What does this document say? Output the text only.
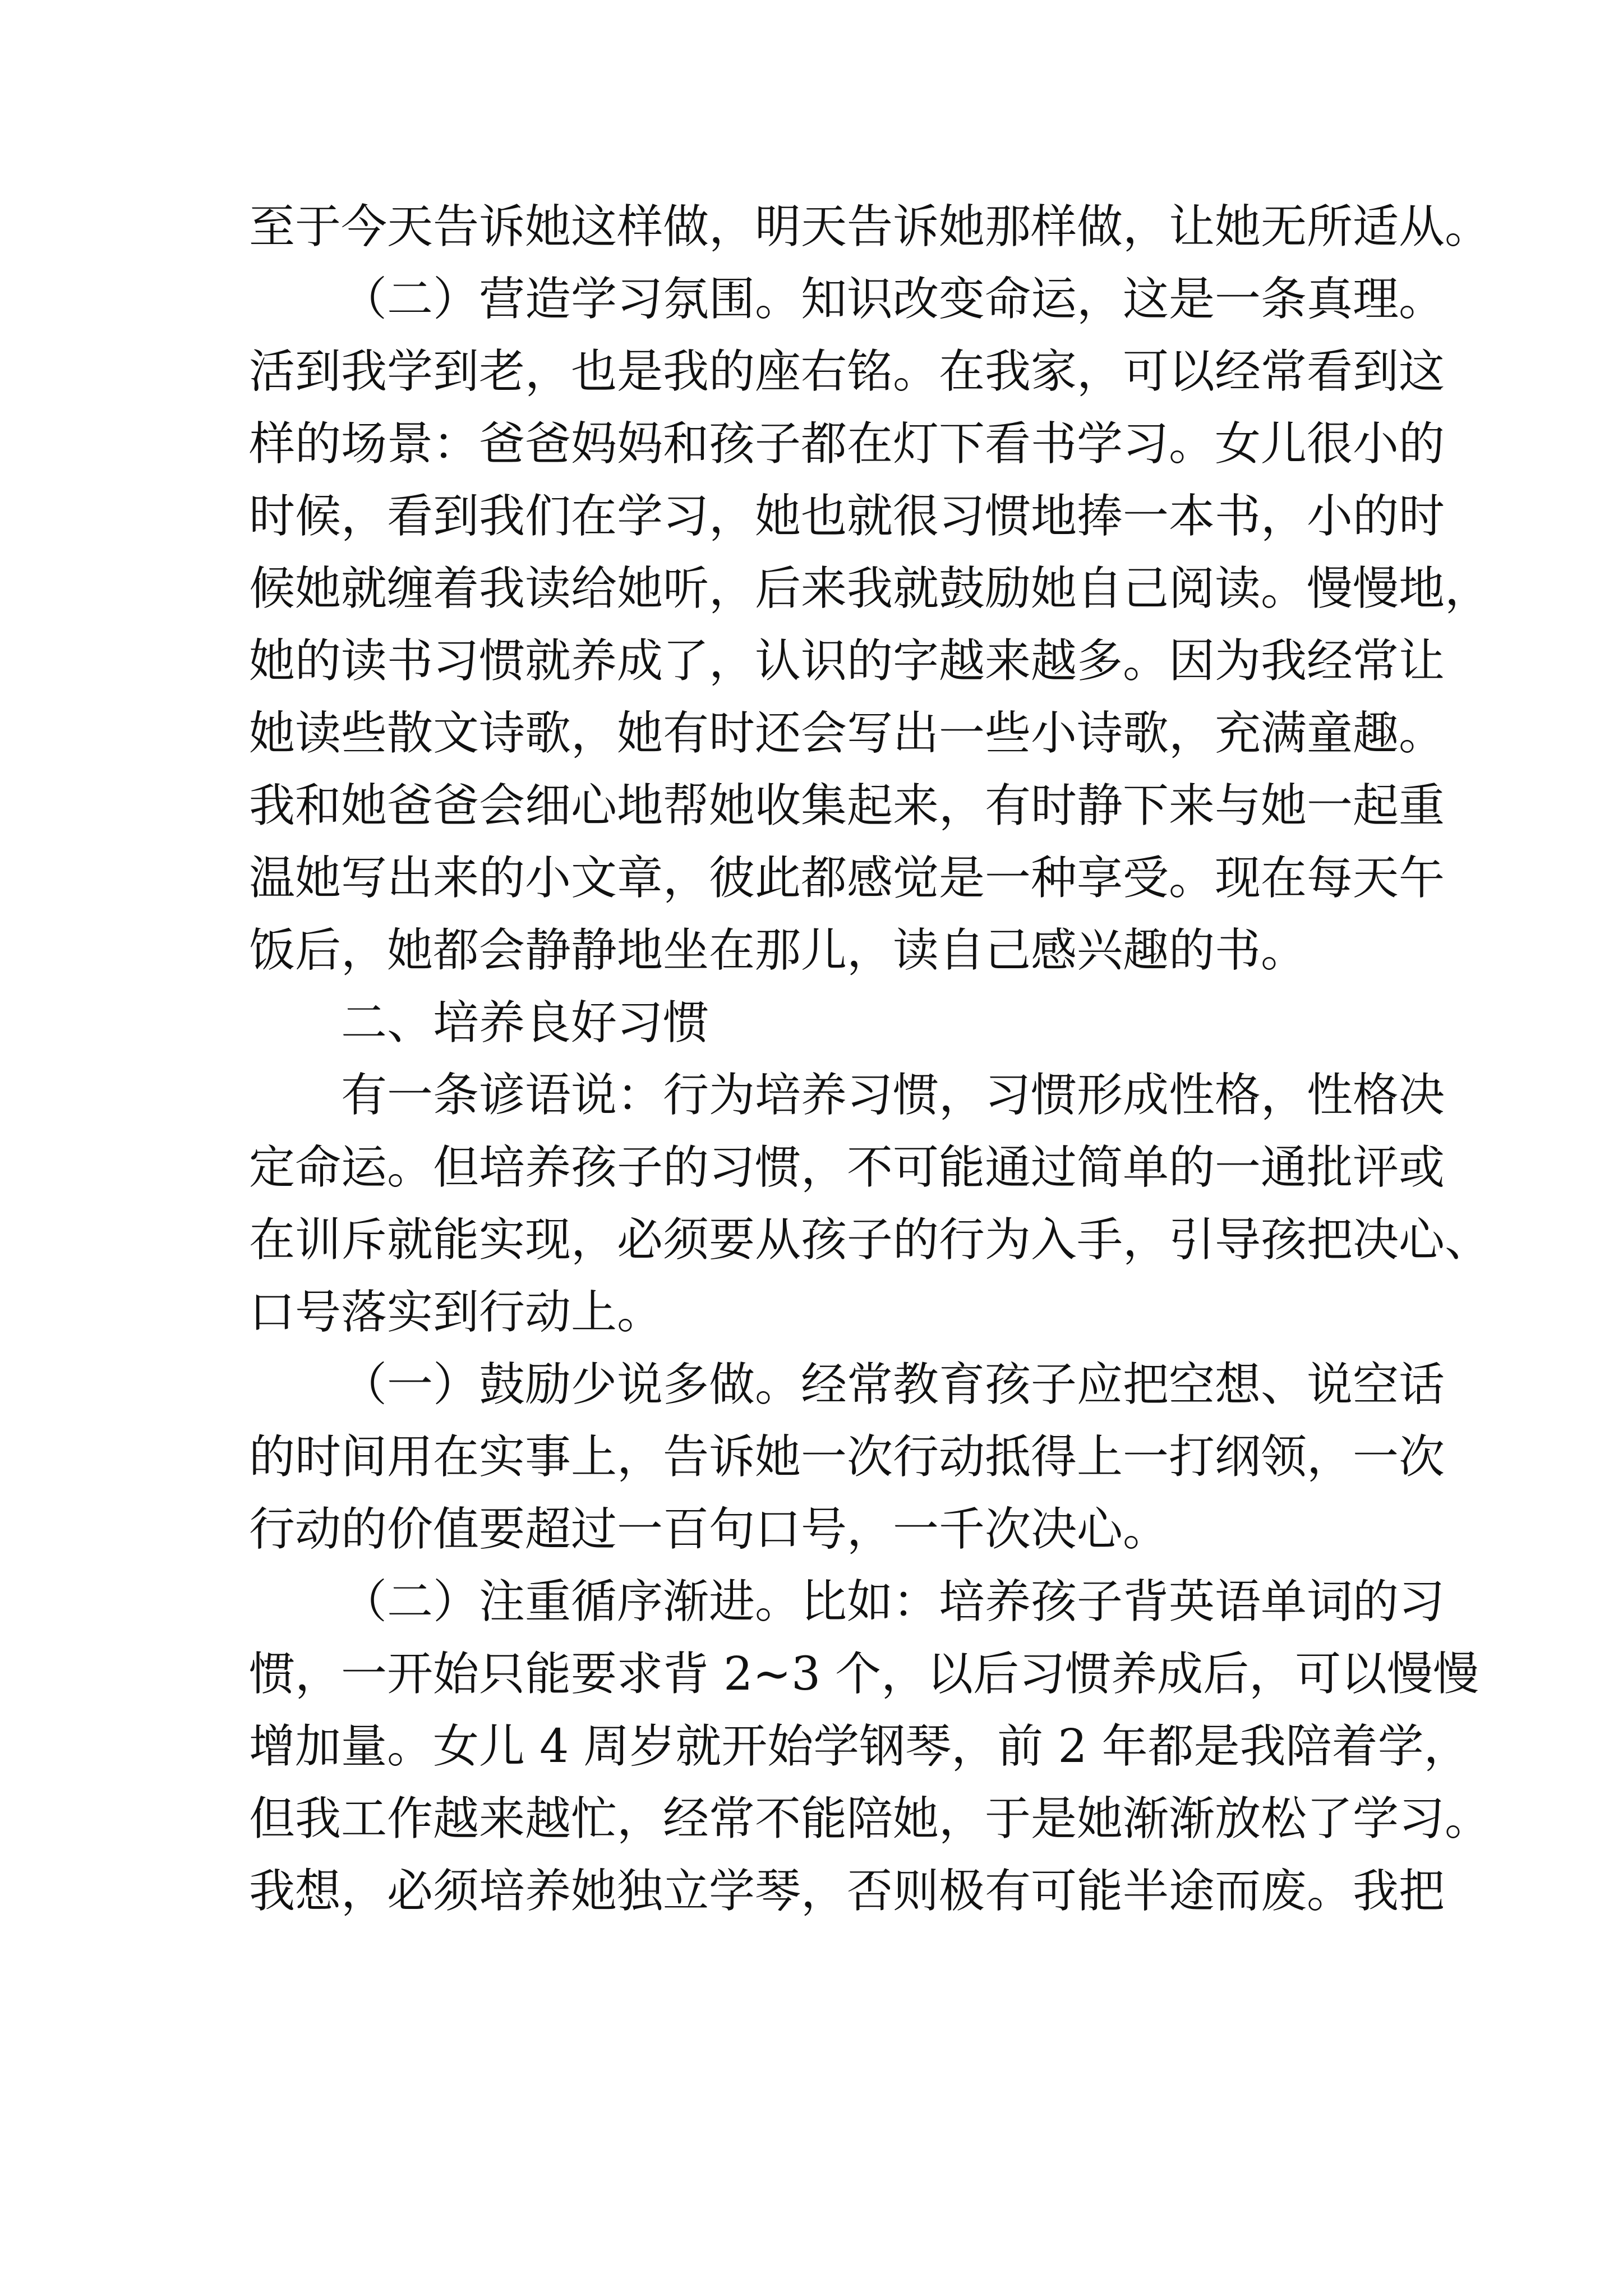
至于今天告诉她这样做，明天告诉她那样做，让她无所适从。
（二）营造学习氛围。知识改变命运，这是一条真理。
活到我学到老，也是我的座右铭。在我家，可以经常看到这
样的场景：爸爸妈妈和孩子都在灯下看书学习。女儿很小的
时候，看到我们在学习，她也就很习惯地捧一本书，小的时
候她就缠着我读给她听，后来我就鼓励她自己阅读。慢慢地，
她的读书习惯就养成了，认识的字越来越多。因为我经常让
她读些散文诗歌，她有时还会写出一些小诗歌，充满童趣。
我和她爸爸会细心地帮她收集起来，有时静下来与她一起重
温她写出来的小文章，彼此都感觉是一种享受。现在每天午
饭后，她都会静静地坐在那儿，读自己感兴趣的书。
二、培养良好习惯
有一条谚语说：行为培养习惯，习惯形成性格，性格决
定命运。但培养孩子的习惯，不可能通过简单的一通批评或
在训斥就能实现，必须要从孩子的行为入手，引导孩把决心、
口号落实到行动上。
（一）鼓励少说多做。经常教育孩子应把空想、说空话
的时间用在实事上，告诉她一次行动抵得上一打纲领，一次
行动的价值要超过一百句口号，一千次决心。
（二）注重循序渐进。比如：培养孩子背英语单词的习
惯，一开始只能要求背 2~3 个，以后习惯养成后，可以慢慢
增加量。女儿 4 周岁就开始学钢琴，前 2 年都是我陪着学，
但我工作越来越忙，经常不能陪她，于是她渐渐放松了学习。
我想，必须培养她独立学琴，否则极有可能半途而废。我把
